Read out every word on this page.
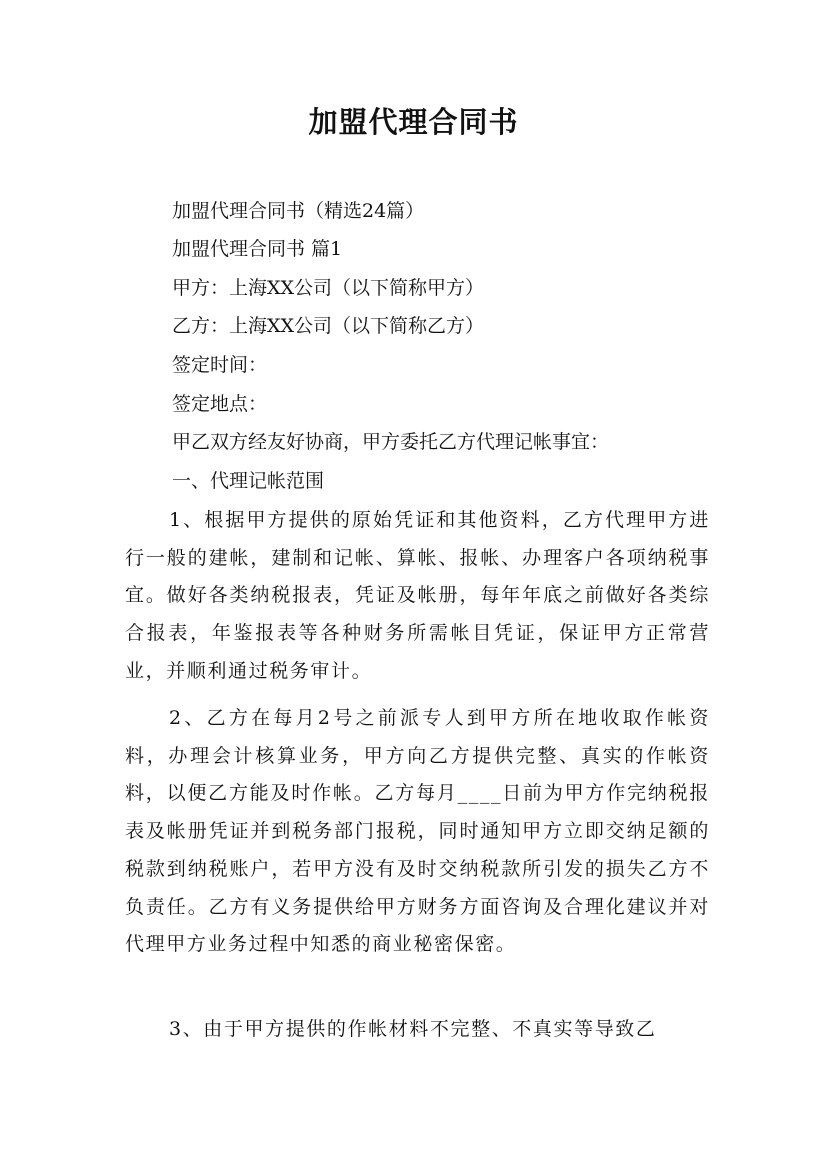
加盟代理合同书

加盟代理合同书（精选24篇）

加盟代理合同书 篇1

甲方：上海XX公司（以下简称甲方）

乙方：上海XX公司（以下简称乙方）

签定时间：

签定地点：

甲乙双方经友好协商，甲方委托乙方代理记帐事宜：

一、代理记帐范围

1、根据甲方提供的原始凭证和其他资料，乙方代理甲方进行一般的建帐，建制和记帐、算帐、报帐、办理客户各项纳税事宜。做好各类纳税报表，凭证及帐册，每年年底之前做好各类综合报表，年鉴报表等各种财务所需帐目凭证，保证甲方正常营业，并顺利通过税务审计。

2、乙方在每月2号之前派专人到甲方所在地收取作帐资料，办理会计核算业务，甲方向乙方提供完整、真实的作帐资料，以便乙方能及时作帐。乙方每月____日前为甲方作完纳税报表及帐册凭证并到税务部门报税，同时通知甲方立即交纳足额的税款到纳税账户，若甲方没有及时交纳税款所引发的损失乙方不负责任。乙方有义务提供给甲方财务方面咨询及合理化建议并对代理甲方业务过程中知悉的商业秘密保密。

3、由于甲方提供的作帐材料不完整、不真实等导致乙
